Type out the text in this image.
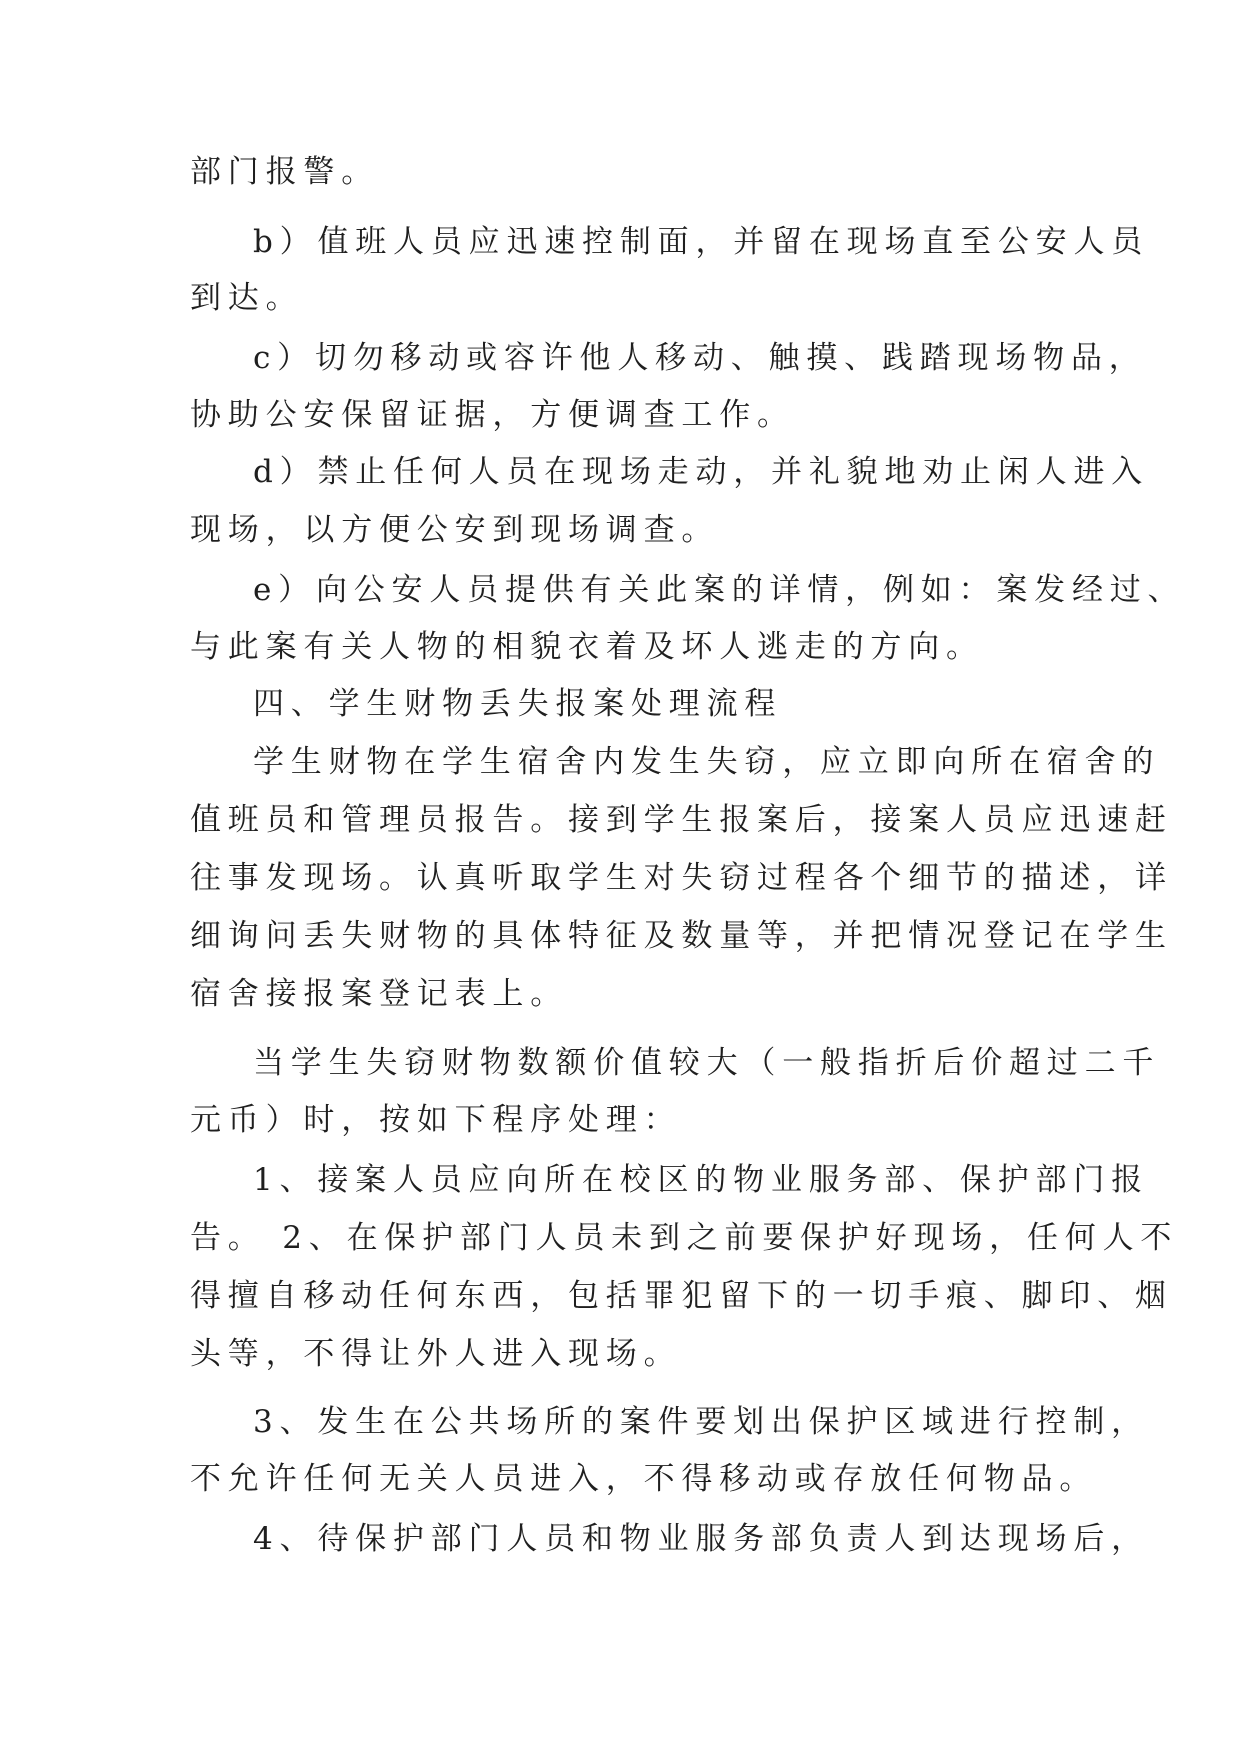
部门报警。
b）值班人员应迅速控制面，并留在现场直至公安人员
到达。
c）切勿移动或容许他人移动、触摸、践踏现场物品，
协助公安保留证据，方便调查工作。
d）禁止任何人员在现场走动，并礼貌地劝止闲人进入
现场，以方便公安到现场调查。
e）向公安人员提供有关此案的详情，例如：案发经过、
与此案有关人物的相貌衣着及坏人逃走的方向。
四、学生财物丢失报案处理流程
学生财物在学生宿舍内发生失窃，应立即向所在宿舍的
值班员和管理员报告。接到学生报案后，接案人员应迅速赶
往事发现场。认真听取学生对失窃过程各个细节的描述，详
细询问丢失财物的具体特征及数量等，并把情况登记在学生
宿舍接报案登记表上。
当学生失窃财物数额价值较大（一般指折后价超过二千
元币）时，按如下程序处理：
1、接案人员应向所在校区的物业服务部、保护部门报
告。 2、在保护部门人员未到之前要保护好现场，任何人不
得擅自移动任何东西，包括罪犯留下的一切手痕、脚印、烟
头等，不得让外人进入现场。
3、发生在公共场所的案件要划出保护区域进行控制，
不允许任何无关人员进入，不得移动或存放任何物品。
4、待保护部门人员和物业服务部负责人到达现场后，
